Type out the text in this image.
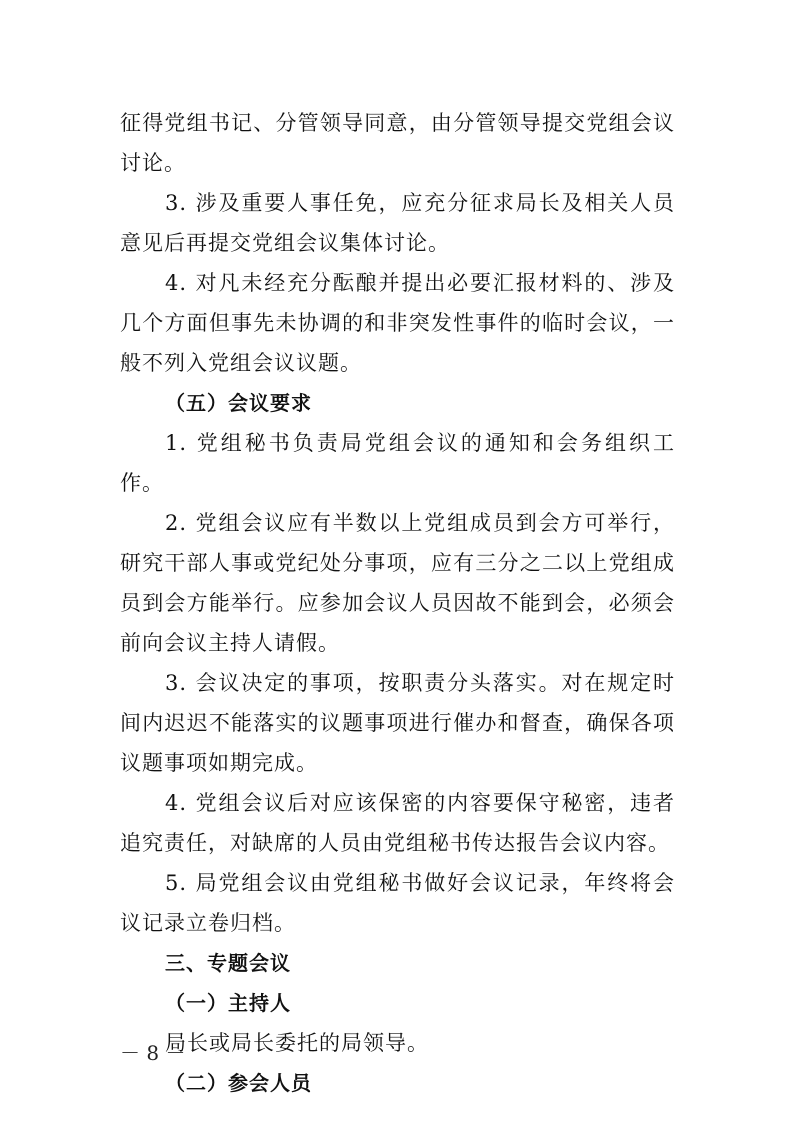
征得党组书记、分管领导同意，由分管领导提交党组会议讨论。

3. 涉及重要人事任免，应充分征求局长及相关人员意见后再提交党组会议集体讨论。

4. 对凡未经充分酝酿并提出必要汇报材料的、涉及几个方面但事先未协调的和非突发性事件的临时会议，一般不列入党组会议议题。

（五）会议要求

1. 党组秘书负责局党组会议的通知和会务组织工作。

2. 党组会议应有半数以上党组成员到会方可举行，研究干部人事或党纪处分事项，应有三分之二以上党组成员到会方能举行。应参加会议人员因故不能到会，必须会前向会议主持人请假。

3. 会议决定的事项，按职责分头落实。对在规定时间内迟迟不能落实的议题事项进行催办和督查，确保各项议题事项如期完成。

4. 党组会议后对应该保密的内容要保守秘密，违者追究责任，对缺席的人员由党组秘书传达报告会议内容。

5. 局党组会议由党组秘书做好会议记录，年终将会议记录立卷归档。

三、专题会议

（一）主持人

局长或局长委托的局领导。

（二）参会人员

－ 8 －
